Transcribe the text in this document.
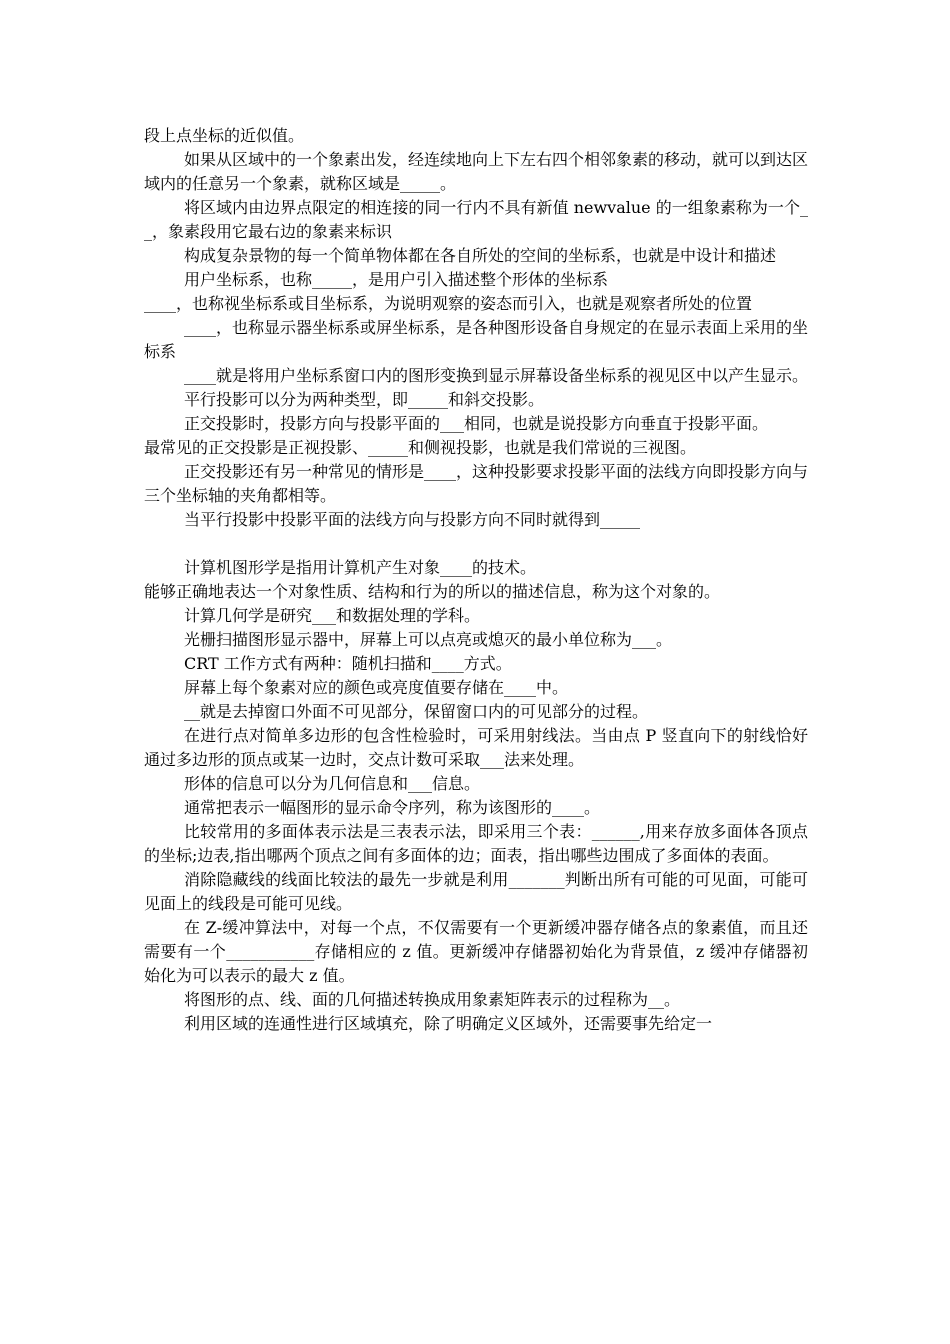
段上点坐标的近似值。

如果从区域中的一个象素出发，经连续地向上下左右四个相邻象素的移动，就可以到达区域内的任意另一个象素，就称区域是_____。

将区域内由边界点限定的相连接的同一行内不具有新值 newvalue 的一组象素称为一个__，象素段用它最右边的象素来标识

构成复杂景物的每一个简单物体都在各自所处的空间的坐标系，也就是中设计和描述

用户坐标系，也称_____，是用户引入描述整个形体的坐标系

____，也称视坐标系或目坐标系，为说明观察的姿态而引入，也就是观察者所处的位置

____，也称显示器坐标系或屏坐标系，是各种图形设备自身规定的在显示表面上采用的坐标系

____就是将用户坐标系窗口内的图形变换到显示屏幕设备坐标系的视见区中以产生显示。

平行投影可以分为两种类型，即_____和斜交投影。

正交投影时，投影方向与投影平面的___相同，也就是说投影方向垂直于投影平面。

最常见的正交投影是正视投影、_____和侧视投影，也就是我们常说的三视图。

正交投影还有另一种常见的情形是____，这种投影要求投影平面的法线方向即投影方向与三个坐标轴的夹角都相等。

当平行投影中投影平面的法线方向与投影方向不同时就得到_____

计算机图形学是指用计算机产生对象____的技术。

能够正确地表达一个对象性质、结构和行为的所以的描述信息，称为这个对象的。

计算几何学是研究___和数据处理的学科。

光栅扫描图形显示器中，屏幕上可以点亮或熄灭的最小单位称为___。

CRT 工作方式有两种：随机扫描和____方式。

屏幕上每个象素对应的颜色或亮度值要存储在____中。

__就是去掉窗口外面不可见部分，保留窗口内的可见部分的过程。

在进行点对简单多边形的包含性检验时，可采用射线法。当由点 P 竖直向下的射线恰好通过多边形的顶点或某一边时，交点计数可采取___法来处理。

形体的信息可以分为几何信息和___信息。

通常把表示一幅图形的显示命令序列，称为该图形的____。

比较常用的多面体表示法是三表表示法，即采用三个表：______,用来存放多面体各顶点的坐标;边表,指出哪两个顶点之间有多面体的边；面表，指出哪些边围成了多面体的表面。

消除隐藏线的线面比较法的最先一步就是利用_______判断出所有可能的可见面，可能可见面上的线段是可能可见线。

在 Z-缓冲算法中，对每一个点，不仅需要有一个更新缓冲器存储各点的象素值，而且还需要有一个___________存储相应的 z 值。更新缓冲存储器初始化为背景值，z 缓冲存储器初始化为可以表示的最大 z 值。

将图形的点、线、面的几何描述转换成用象素矩阵表示的过程称为__。

利用区域的连通性进行区域填充，除了明确定义区域外，还需要事先给定一
